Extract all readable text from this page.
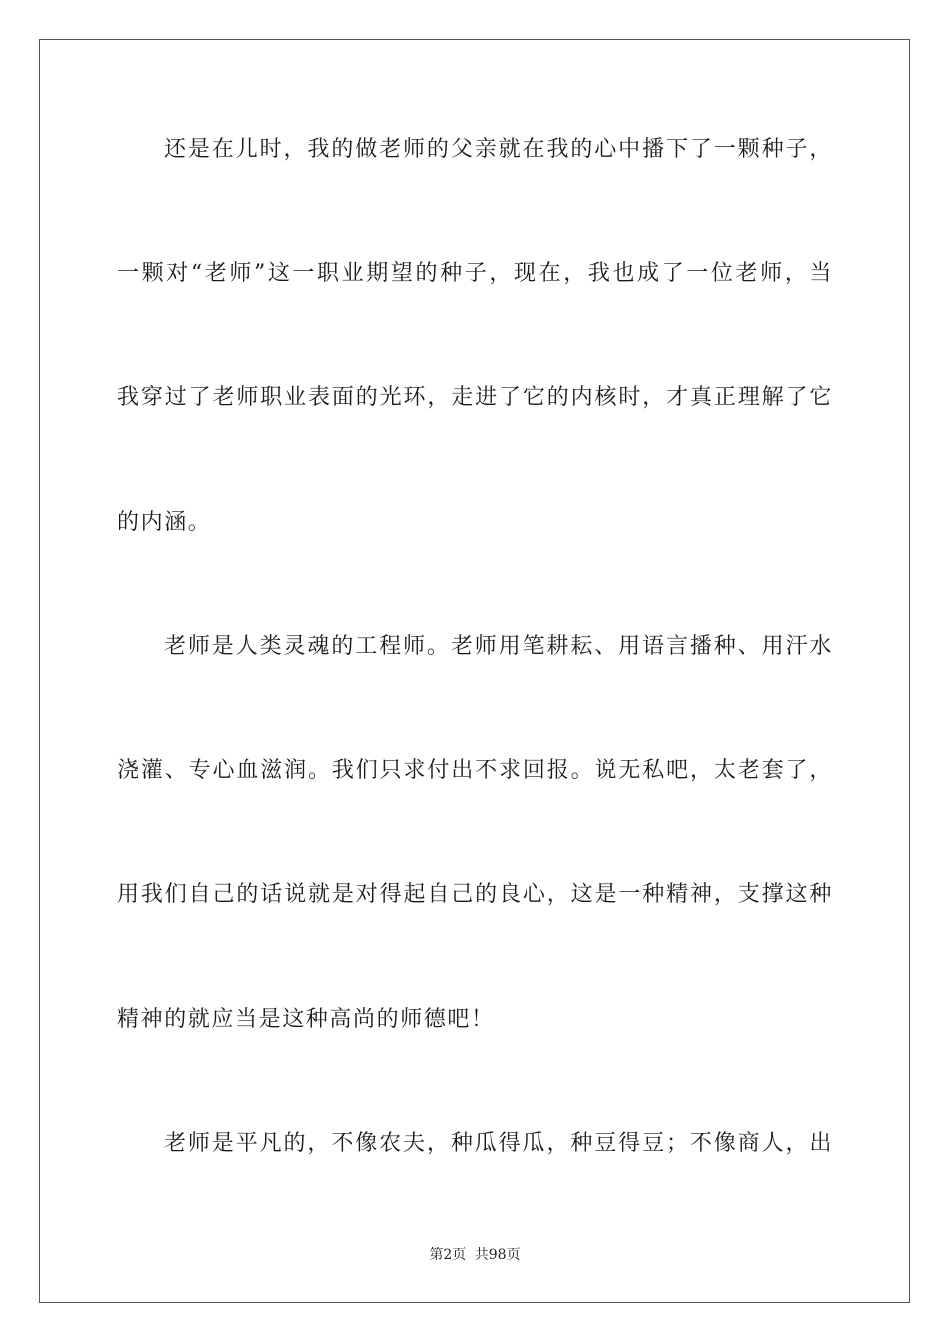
还是在儿时，我的做老师的父亲就在我的心中播下了一颗种子，
一颗对“老师”这一职业期望的种子，现在，我也成了一位老师，当
我穿过了老师职业表面的光环，走进了它的内核时，才真正理解了它
的内涵。
老师是人类灵魂的工程师。老师用笔耕耘、用语言播种、用汗水
浇灌、专心血滋润。我们只求付出不求回报。说无私吧，太老套了，
用我们自己的话说就是对得起自己的良心，这是一种精神，支撑这种
精神的就应当是这种高尚的师德吧！
老师是平凡的，不像农夫，种瓜得瓜，种豆得豆；不像商人，出
第2页 共98页
